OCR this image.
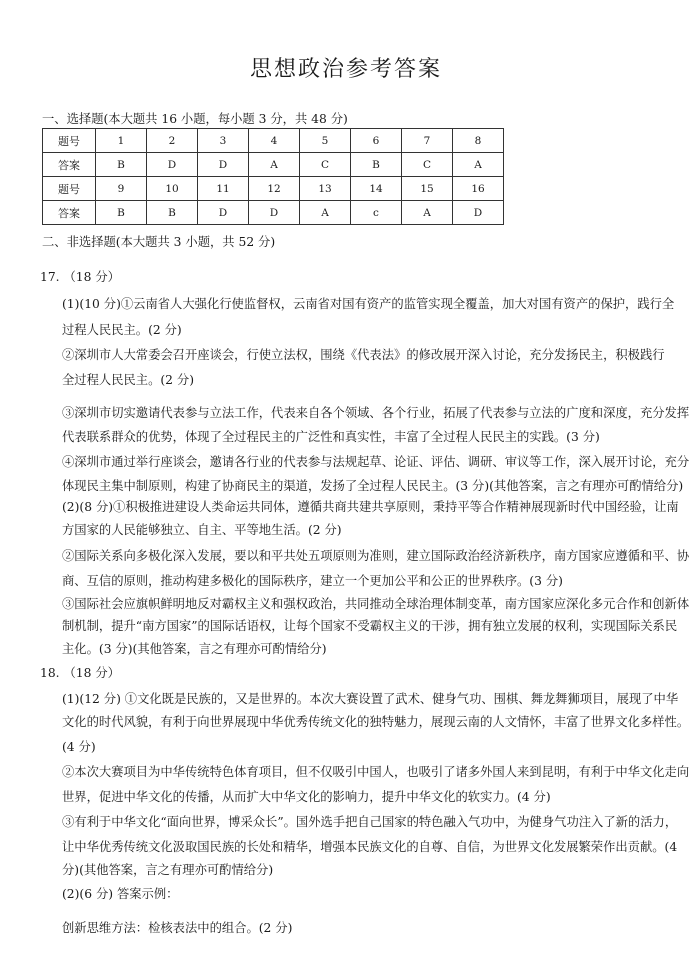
思想政治参考答案
一、选择题(本大题共 16 小题，每小题 3 分，共 48 分)
题号	1	2	3	4	5	6	7	8
答案	B	D	D	A	C	B	C	A
题号	9	10	11	12	13	14	15	16
答案	B	B	D	D	A	c	A	D
二、非选择题(本大题共 3 小题，共 52 分)
17. （18 分）
(1)(10 分)①云南省人大强化行使监督权，云南省对国有资产的监管实现全覆盖，加大对国有资产的保护，践行全
过程人民民主。(2 分)
②深圳市人大常委会召开座谈会，行使立法权，围绕《代表法》的修改展开深入讨论，充分发扬民主，积极践行
全过程人民民主。(2 分)
③深圳市切实邀请代表参与立法工作，代表来自各个领域、各个行业，拓展了代表参与立法的广度和深度，充分发挥
代表联系群众的优势，体现了全过程民主的广泛性和真实性，丰富了全过程人民民主的实践。(3 分)
④深圳市通过举行座谈会，邀请各行业的代表参与法规起草、论证、评估、调研、审议等工作，深入展开讨论，充分
体现民主集中制原则，构建了协商民主的渠道，发扬了全过程人民民主。(3 分)(其他答案，言之有理亦可酌情给分)
(2)(8 分)①积极推进建设人类命运共同体，遵循共商共建共享原则，秉持平等合作精神展现新时代中国经验，让南
方国家的人民能够独立、自主、平等地生活。(2 分)
②国际关系向多极化深入发展，要以和平共处五项原则为准则，建立国际政治经济新秩序，南方国家应遵循和平、协
商、互信的原则，推动构建多极化的国际秩序，建立一个更加公平和公正的世界秩序。(3 分)
③国际社会应旗帜鲜明地反对霸权主义和强权政治，共同推动全球治理体制变革，南方国家应深化多元合作和创新体
制机制，提升“南方国家”的国际话语权，让每个国家不受霸权主义的干涉，拥有独立发展的权利，实现国际关系民
主化。(3 分)(其他答案，言之有理亦可酌情给分)
18. （18 分）
(1)(12 分) ①文化既是民族的，又是世界的。本次大赛设置了武术、健身气功、围棋、舞龙舞狮项目，展现了中华
文化的时代风貌，有利于向世界展现中华优秀传统文化的独特魅力，展现云南的人文情怀，丰富了世界文化多样性。
(4 分)
②本次大赛项目为中华传统特色体育项目，但不仅吸引中国人，也吸引了诸多外国人来到昆明，有利于中华文化走向
世界，促进中华文化的传播，从而扩大中华文化的影响力，提升中华文化的软实力。(4 分)
③有利于中华文化“面向世界，博采众长”。国外选手把自己国家的特色融入气功中，为健身气功注入了新的活力，
让中华优秀传统文化汲取国民族的长处和精华，增强本民族文化的自尊、自信，为世界文化发展繁荣作出贡献。(4
分)(其他答案，言之有理亦可酌情给分)
(2)(6 分) 答案示例：
创新思维方法：检核表法中的组合。(2 分)
